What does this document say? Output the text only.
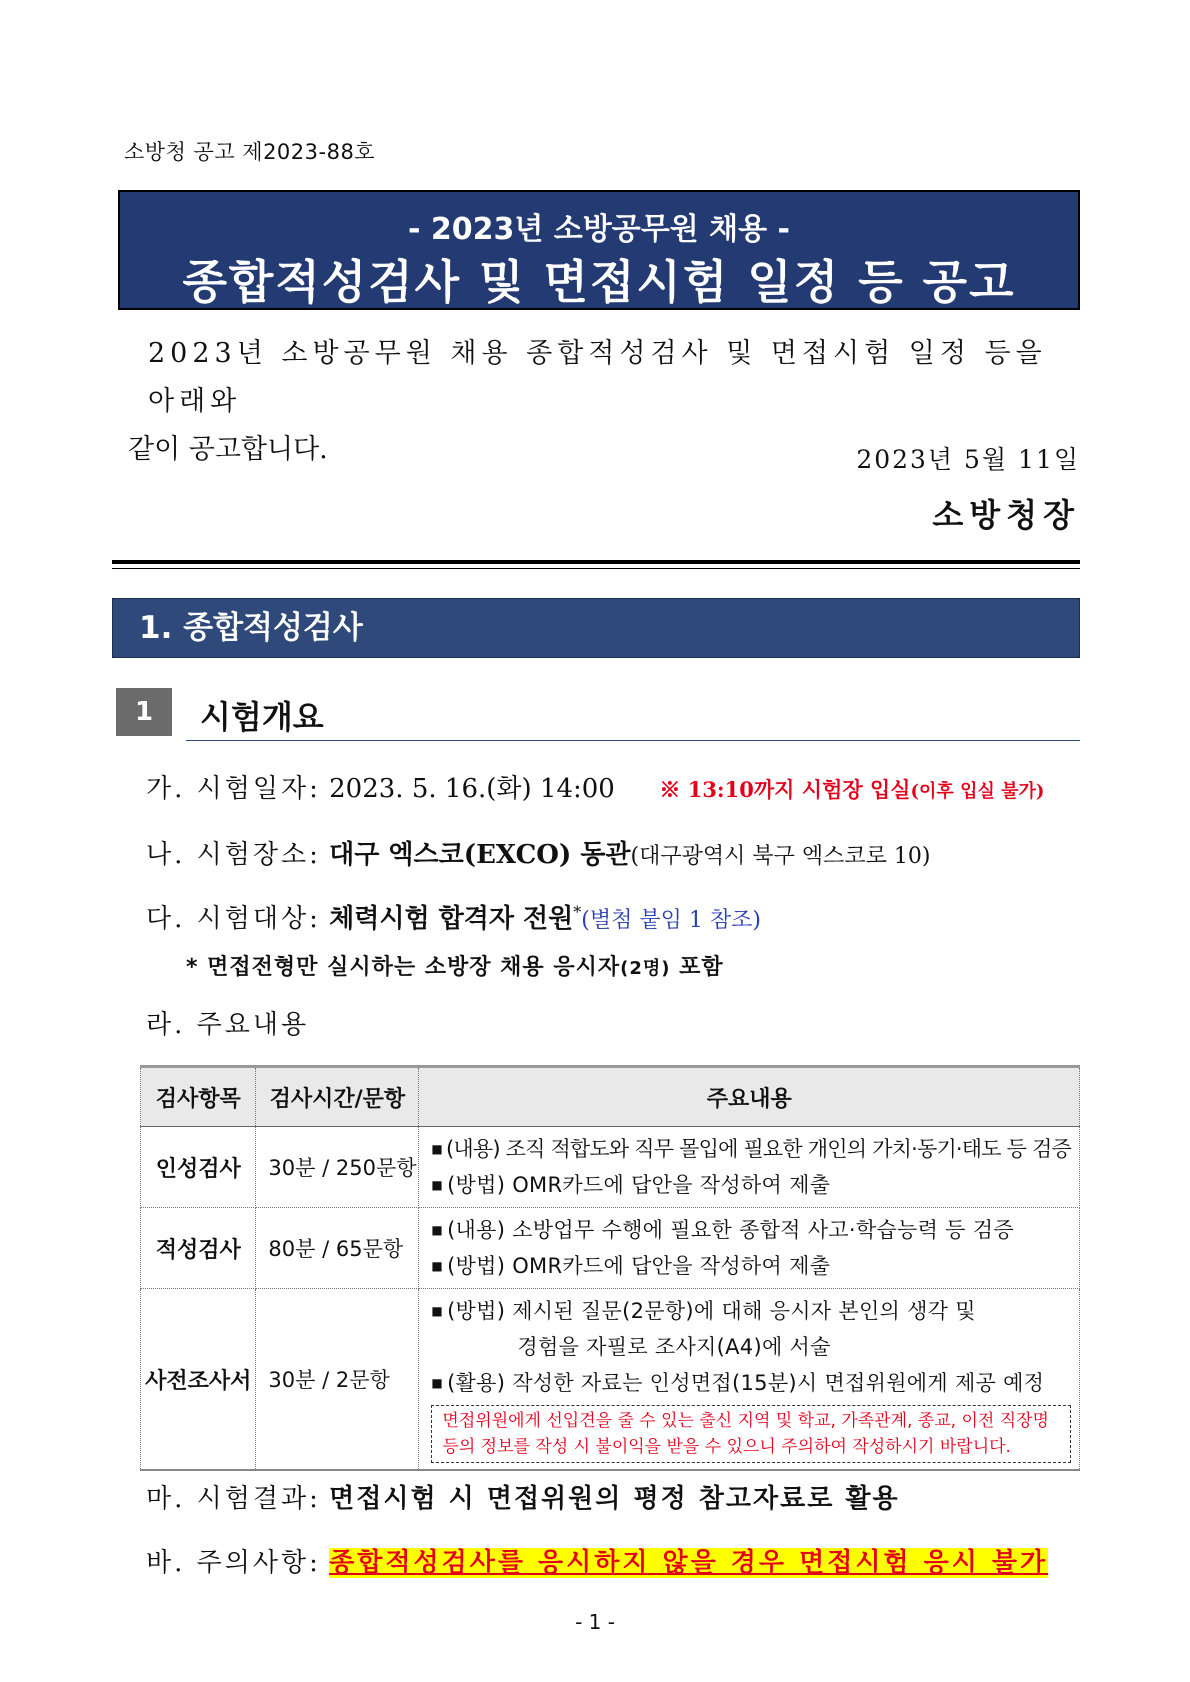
소방청 공고 제2023-88호
- 2023년 소방공무원 채용 -
종합적성검사 및 면접시험 일정 등 공고
2023년 소방공무원 채용 종합적성검사 및 면접시험 일정 등을 아래와
같이 공고합니다.	2023년 5월 11일
소방청장
1. 종합적성검사
1	시험개요
가. 시험일자: 2023. 5. 16.(화) 14:00 ※ 13:10까지 시험장 입실(이후 입실 불가)
나. 시험장소: 대구 엑스코(EXCO) 동관(대구광역시 북구 엑스코로 10)
다. 시험대상: 체력시험 합격자 전원*(별첨 붙임 1 참조)
* 면접전형만 실시하는 소방장 채용 응시자(2명) 포함
라. 주요내용
검사항목	검사시간/문항	주요내용
인성검사	30분 / 250문항	■ (내용) 조직 적합도와 직무 몰입에 필요한 개인의 가치·동기·태도 등 검증
■ (방법) OMR카드에 답안을 작성하여 제출

적성검사	80분 / 65문항	■ (내용) 소방업무 수행에 필요한 종합적 사고·학습능력 등 검증
■ (방법) OMR카드에 답안을 작성하여 제출

사전조사서	30분 / 2문항	■ (방법) 제시된 질문(2문항)에 대해 응시자 본인의 생각 및
경험을 자필로 조사지(A4)에 서술
■ (활용) 작성한 자료는 인성면접(15분)시 면접위원에게 제공 예정
면접위원에게 선입견을 줄 수 있는 출신 지역 및 학교, 가족관계, 종교, 이전 직장명
등의 정보를 작성 시 불이익을 받을 수 있으니 주의하여 작성하시기 바랍니다.
마. 시험결과: 면접시험 시 면접위원의 평정 참고자료로 활용
바. 주의사항: 종합적성검사를 응시하지 않을 경우 면접시험 응시 불가
- 1 -
